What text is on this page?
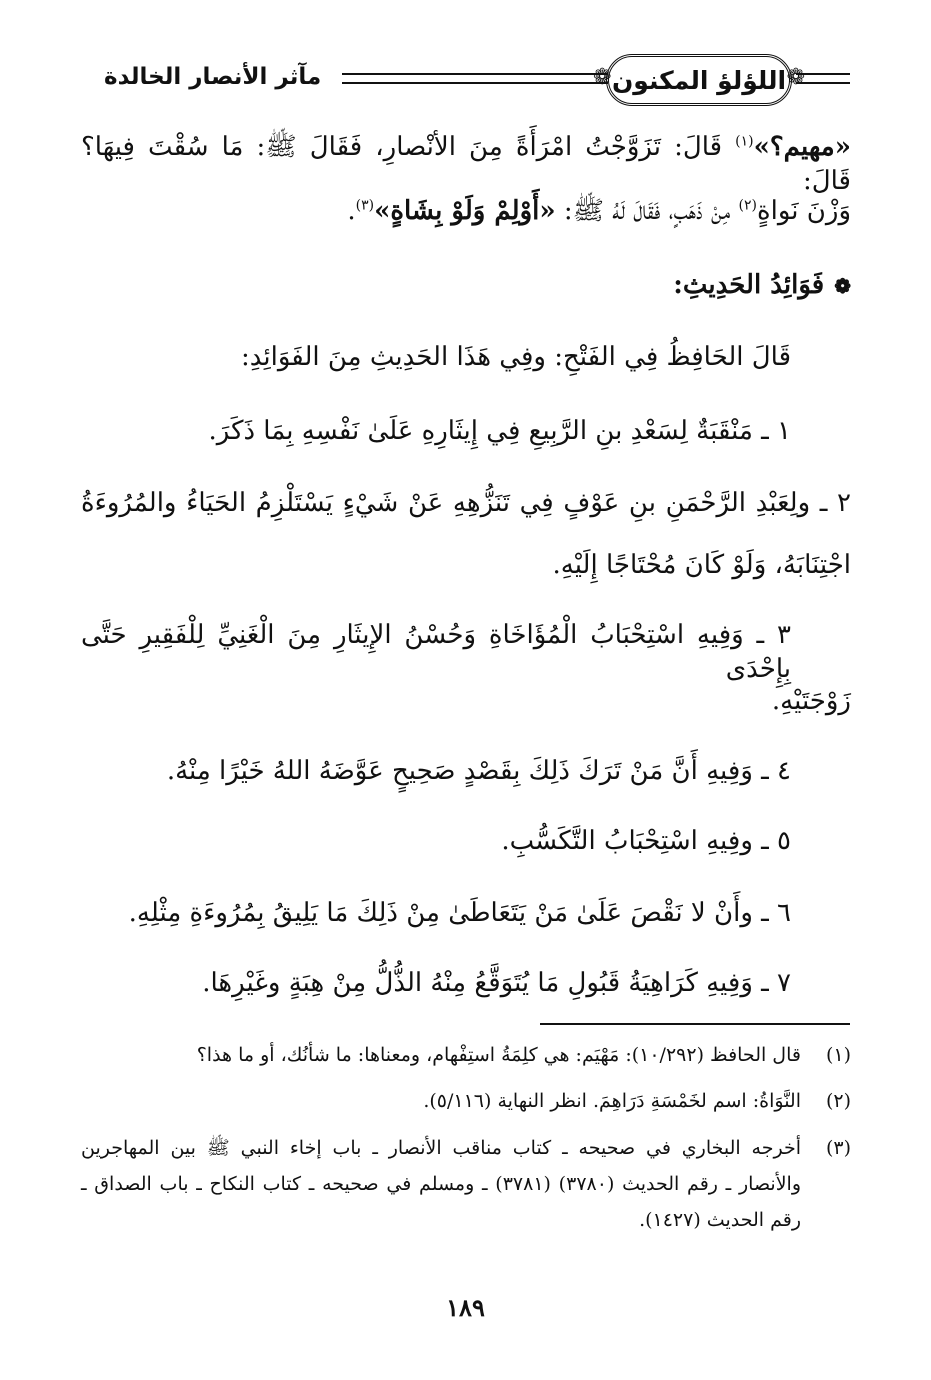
❁
اللؤلؤ المكنون
❁
مآثر الأنصار الخالدة
«مهيم؟»$^{(١)}$ قَالَ: تَزَوَّجْتُ امْرَأَةً مِنَ الأنْصارِ، فَقَالَ ﷺ: مَا سُقْتَ فِيهَا؟ قَالَ:
وَزْنَ نَواةٍ$^{(٢)}$ مِنْ ذَهَبٍ، فَقَالَ لَهُ ﷺ: «أَوْلِمْ وَلَوْ بِشَاةٍ»$^{(٣)}$.
❁فَوَائِدُ الحَدِيثِ:
قَالَ الحَافِظُ فِي الفَتْحِ: وفِي هَذَا الحَدِيثِ مِنَ الفَوَائِدِ:
١ ـ مَنْقَبَةٌ لِسَعْدِ بنِ الرَّبِيعِ فِي إِيثَارِهِ عَلَىٰ نَفْسِهِ بِمَا ذَكَرَ.
٢ ـ ولِعَبْدِ الرَّحْمَنِ بنِ عَوْفٍ فِي تَنَزُّهِهِ عَنْ شَيْءٍ يَسْتَلْزِمُ الحَيَاءُ والمُرُوءَةُ
اجْتِنَابَهُ، وَلَوْ كَانَ مُحْتَاجًا إِلَيْهِ.
٣ ـ وَفِيهِ اسْتِحْبَابُ الْمُؤَاخَاةِ وَحُسْنُ الإِيثَارِ مِنَ الْغَنِيِّ لِلْفَقِيرِ حَتَّى بِإِحْدَى
زَوْجَتَيْهِ.
٤ ـ وَفِيهِ أَنَّ مَنْ تَرَكَ ذَلِكَ بِقَصْدٍ صَحِيحٍ عَوَّضَهُ اللهُ خَيْرًا مِنْهُ.
٥ ـ وفِيهِ اسْتِحْبَابُ التَّكَسُّبِ.
٦ ـ وأَنْ لا نَقْصَ عَلَىٰ مَنْ يَتَعَاطَىٰ مِنْ ذَلِكَ مَا يَلِيقُ بِمُرُوءَةِ مِثْلِهِ.
٧ ـ وَفِيهِ كَرَاهِيَةُ قَبُولِ مَا يُتَوَقَّعُ مِنْهُ الذُّلُّ مِنْ هِبَةٍ وغَيْرِهَا.
(١)
قال الحافظ (١٠/٢٩٢): مَهْيَم: هي كلِمَةُ استِفْهام، ومعناها: ما شأنُك، أو ما هذا؟
(٢)
النَّوَاةُ: اسم لخَمْسَةِ دَرَاهِمَ. انظر النهاية (٥/١١٦).
(٣)
أخرجه البخاري في صحيحه ـ كتاب مناقب الأنصار ـ باب إخاء النبي ﷺ بين المهاجرين والأنصار ـ رقم الحديث (٣٧٨٠) (٣٧٨١) ـ ومسلم في صحيحه ـ كتاب النكاح ـ باب الصداق ـ رقم الحديث (١٤٢٧).
١٨٩
